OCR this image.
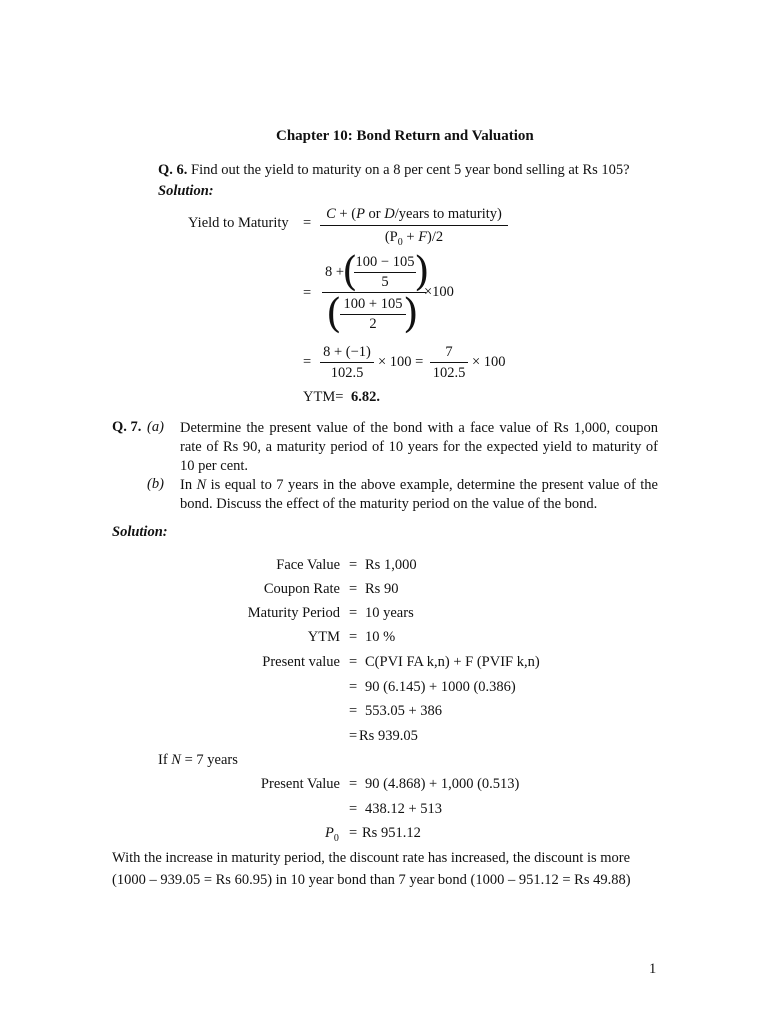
Chapter 10: Bond Return and Valuation
Q. 6. Find out the yield to maturity on a 8 per cent 5 year bond selling at Rs 105?
Solution:
Yield to Maturity =
C + (P or D/years to maturity)
$(P_0 + F)/2$
=
8 +
(
100 − 105
5 )
×100
( 100 + 105
2 )
=
8 + (−1)
102.5
× 100 =
7
102.5
× 100
YTM= 6.82.
Q. 7. (a) Determine the present value of the bond with a face value of Rs 1,000, coupon rate of Rs 90, a maturity period of 10 years for the expected yield to maturity of 10 per cent.
(b) In N is equal to 7 years in the above example, determine the present value of the bond. Discuss the effect of the maturity period on the value of the bond.
Solution:
Face Value = Rs 1,000
Coupon Rate = Rs 90
Maturity Period = 10 years
YTM = 10 %
Present value = C(PVI FA k,n) + F (PVIF k,n)
= 90 (6.145) + 1000 (0.386)
= 553.05 + 386
= Rs 939.05
If N = 7 years
Present Value = 90 (4.868) + 1,000 (0.513)
= 438.12 + 513
$P_0 = Rs$ 951.12
With the increase in maturity period, the discount rate has increased, the discount is more
(1000 – 939.05 = Rs 60.95) in 10 year bond than 7 year bond (1000 – 951.12 = Rs 49.88)
1
